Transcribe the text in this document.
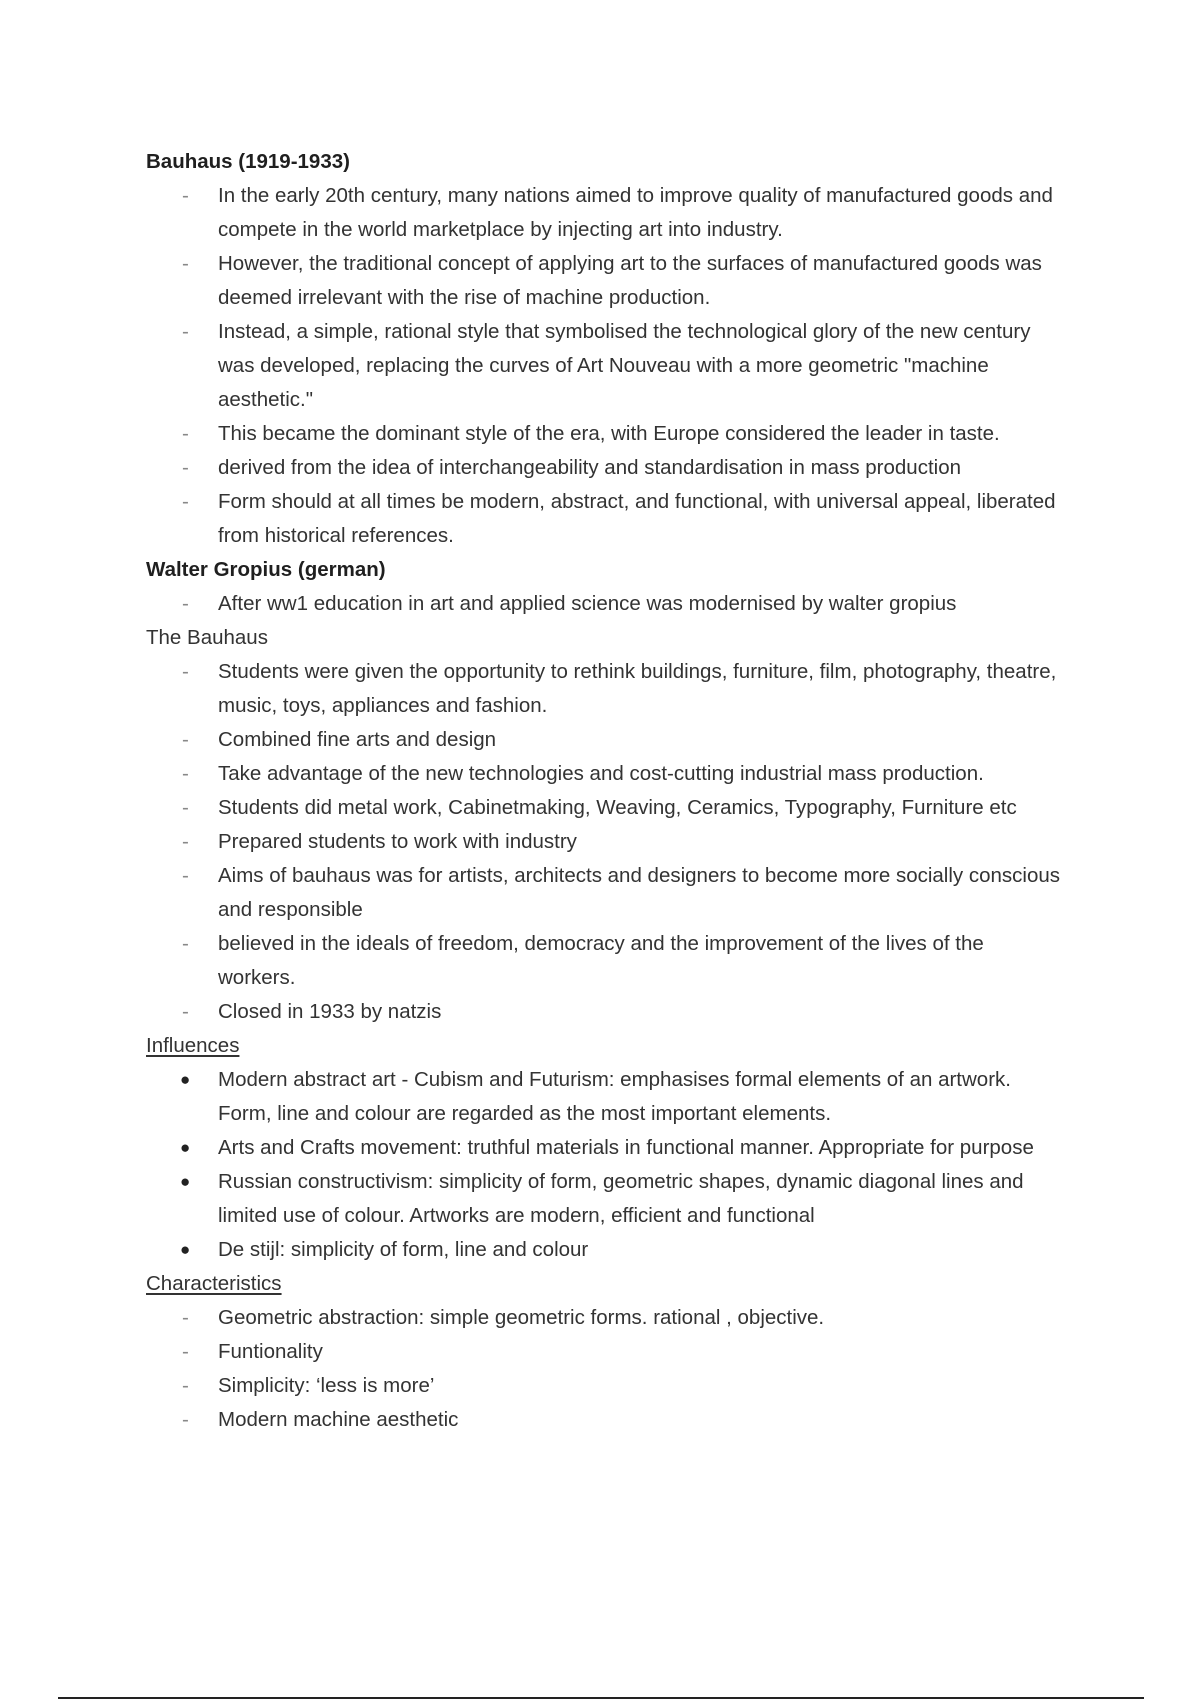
Bauhaus (1919-1933)
- In the early 20th century, many nations aimed to improve quality of manufactured goods and compete in the world marketplace by injecting art into industry.
- However, the traditional concept of applying art to the surfaces of manufactured goods was deemed irrelevant with the rise of machine production.
- Instead, a simple, rational style that symbolised the technological glory of the new century was developed, replacing the curves of Art Nouveau with a more geometric "machine aesthetic."
- This became the dominant style of the era, with Europe considered the leader in taste.
- derived from the idea of interchangeability and standardisation in mass production
- Form should at all times be modern, abstract, and functional, with universal appeal, liberated from historical references.
Walter Gropius (german)
- After ww1 education in art and applied science was modernised by walter gropius
The Bauhaus
- Students were given the opportunity to rethink buildings, furniture, film, photography, theatre, music, toys, appliances and fashion.
- Combined fine arts and design
- Take advantage of the new technologies and cost-cutting industrial mass production.
- Students did metal work, Cabinetmaking, Weaving, Ceramics, Typography, Furniture etc
- Prepared students to work with industry
- Aims of bauhaus was for artists, architects and designers to become more socially conscious and responsible
- believed in the ideals of freedom, democracy and the improvement of the lives of the workers.
- Closed in 1933 by natzis
Influences
● Modern abstract art - Cubism and Futurism: emphasises formal elements of an artwork. Form, line and colour are regarded as the most important elements.
● Arts and Crafts movement: truthful materials in functional manner. Appropriate for purpose
● Russian constructivism: simplicity of form, geometric shapes, dynamic diagonal lines and limited use of colour. Artworks are modern, efficient and functional
● De stijl: simplicity of form, line and colour
Characteristics
- Geometric abstraction: simple geometric forms. rational , objective.
- Funtionality
- Simplicity: ‘less is more’
- Modern machine aesthetic
